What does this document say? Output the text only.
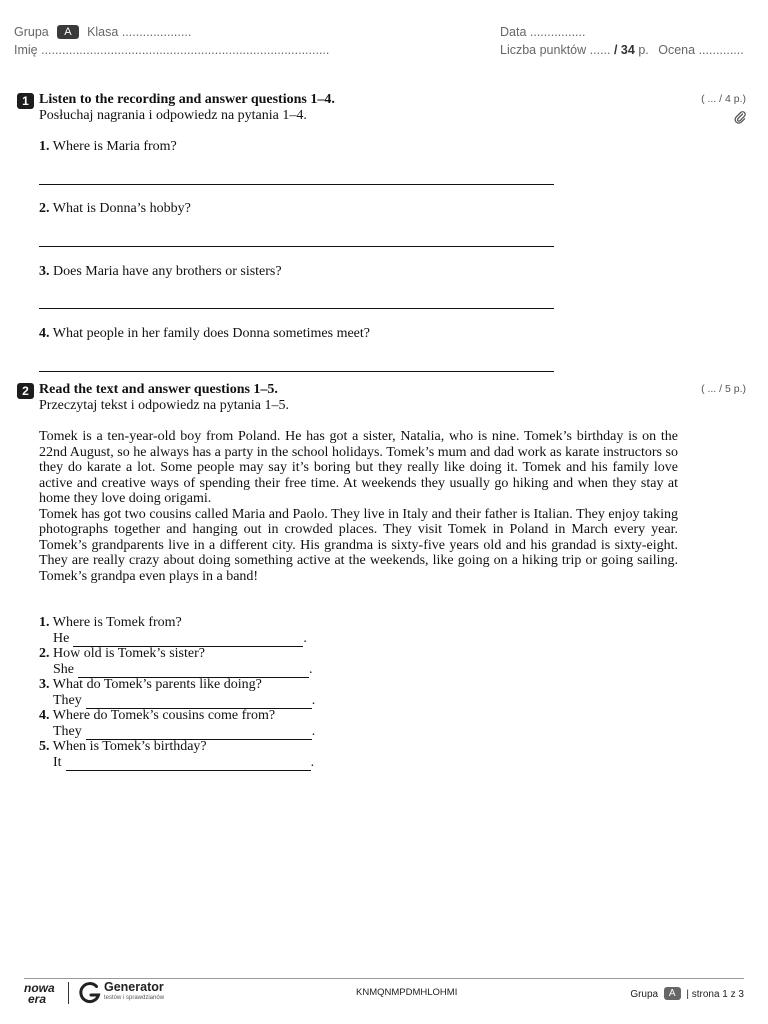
Grupa A Klasa ....................
Imię ...................................................................................
Data ................
Liczba punktów ...... / 34 p. Ocena .............
1 Listen to the recording and answer questions 1–4.
Posłuchaj nagrania i odpowiedz na pytania 1–4.
( ... / 4 p.)
1. Where is Maria from?
2. What is Donna’s hobby?
3. Does Maria have any brothers or sisters?
4. What people in her family does Donna sometimes meet?
2 Read the text and answer questions 1–5.
Przeczytaj tekst i odpowiedz na pytania 1–5.
( ... / 5 p.)

Tomek is a ten-year-old boy from Poland. He has got a sister, Natalia, who is nine. Tomek’s birthday is on the 22nd August, so he always has a party in the school holidays. Tomek’s mum and dad work as karate instructors so they do karate a lot. Some people may say it’s boring but they really like doing it. Tomek and his family love active and creative ways of spending their free time. At weekends they usually go hiking and when they stay at home they love doing origami.

Tomek has got two cousins called Maria and Paolo. They live in Italy and their father is Italian. They enjoy taking photographs together and hanging out in crowded places. They visit Tomek in Poland in March every year. Tomek’s grandparents live in a different city. His grandma is sixty-five years old and his grandad is sixty-eight. They are really crazy about doing something active at the weekends, like going on a hiking trip or going sailing. Tomek’s grandpa even plays in a band!

1. Where is Tomek from?
He	.
2. How old is Tomek’s sister?
She	.
3. What do Tomek’s parents like doing?
They	.
4. Where do Tomek’s cousins come from?
They	.
5. When is Tomek’s birthday?
It	.
nowa
era
Generator
testów i sprawdzianów	KNMQNMPDMHLOHMI	Grupa A | strona 1 z 3
